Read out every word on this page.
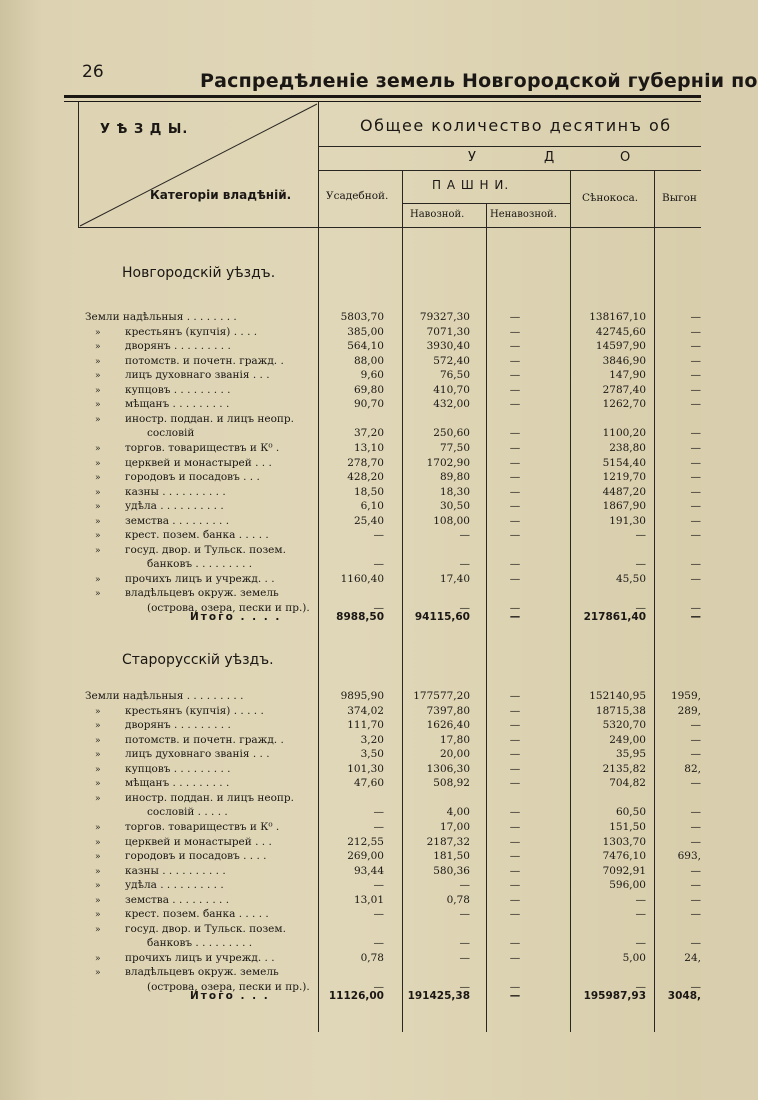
26	Распредѣленіе земель Новгородской губерніи по
У Ѣ З Д Ы.
Категоріи владѣній.
Общее количество десятинъ об
У	Д	О
Усадебной.
П А Ш Н И.
Навозной.	Ненавозной.
Сѣнокоса. Выгон
Новгородскій уѣздъ.
Земли надѣльныя . . . . . . . .	5803,70	79327,30	—	138167,10	—
» крестьянъ (купчія) . . . .	385,00	7071,30	—	42745,60	—
» дворянъ . . . . . . . . .	564,10	3930,40	—	14597,90	—
» потомств. и почетн. гражд. .	88,00	572,40	—	3846,90	—
» лицъ духовнаго званія . . .	9,60	76,50	—	147,90	—
» купцовъ . . . . . . . . .	69,80	410,70	—	2787,40	—
» мѣщанъ . . . . . . . . .	90,70	432,00	—	1262,70	—
» иностр. поддан. и лицъ неопр.
сословій	37,20	250,60	—	1100,20	—
» торгов. товариществъ и К⁰ .	13,10	77,50	—	238,80	—
» церквей и монастырей . . .	278,70	1702,90	—	5154,40	—
» городовъ и посадовъ . . .	428,20	89,80	—	1219,70	—
» казны . . . . . . . . . .	18,50	18,30	—	4487,20	—
» удѣла . . . . . . . . . .	6,10	30,50	—	1867,90	—
» земства . . . . . . . . .	25,40	108,00	—	191,30	—
» крест. позем. банка . . . . .	—	—	—	—	—
» госуд. двор. и Тульск. позем.
банковъ . . . . . . . . .	—	—	—	—	—
» прочихъ лицъ и учрежд. . .	1160,40	17,40	—	45,50	—
» владѣльцевъ окруж. земель
(острова, озера, пески и пр.).	—	—	—	—	—
Итого . . . .	8988,50	94115,60	—	217861,40	—
Старорусскій уѣздъ.
Земли надѣльныя . . . . . . . . .	9895,90	177577,20	—	152140,95	1959,
» крестьянъ (купчія) . . . . .	374,02	7397,80	—	18715,38	289,
» дворянъ . . . . . . . . .	111,70	1626,40	—	5320,70	—
» потомств. и почетн. гражд. .	3,20	17,80	—	249,00	—
» лицъ духовнаго званія . . .	3,50	20,00	—	35,95	—
» купцовъ . . . . . . . . .	101,30	1306,30	—	2135,82	82,
» мѣщанъ . . . . . . . . .	47,60	508,92	—	704,82	—
» иностр. поддан. и лицъ неопр.
сословій . . . . .	—	4,00	—	60,50	—
» торгов. товариществъ и К⁰ .	—	17,00	—	151,50	—
» церквей и монастырей . . .	212,55	2187,32	—	1303,70	—
» городовъ и посадовъ . . . .	269,00	181,50	—	7476,10	693,
» казны . . . . . . . . . .	93,44	580,36	—	7092,91	—
» удѣла . . . . . . . . . .	—	—	—	596,00	—
» земства . . . . . . . . .	13,01	0,78	—	—	—
» крест. позем. банка . . . . .	—	—	—	—	—
» госуд. двор. и Тульск. позем.
банковъ . . . . . . . . .	—	—	—	—	—
» прочихъ лицъ и учрежд. . .	0,78	—	—	5,00	24,
» владѣльцевъ окруж. земель
(острова, озера, пески и пр.).	—	—	—	—	—
Итого . . .	11126,00	191425,38	—	195987,93	3048,
